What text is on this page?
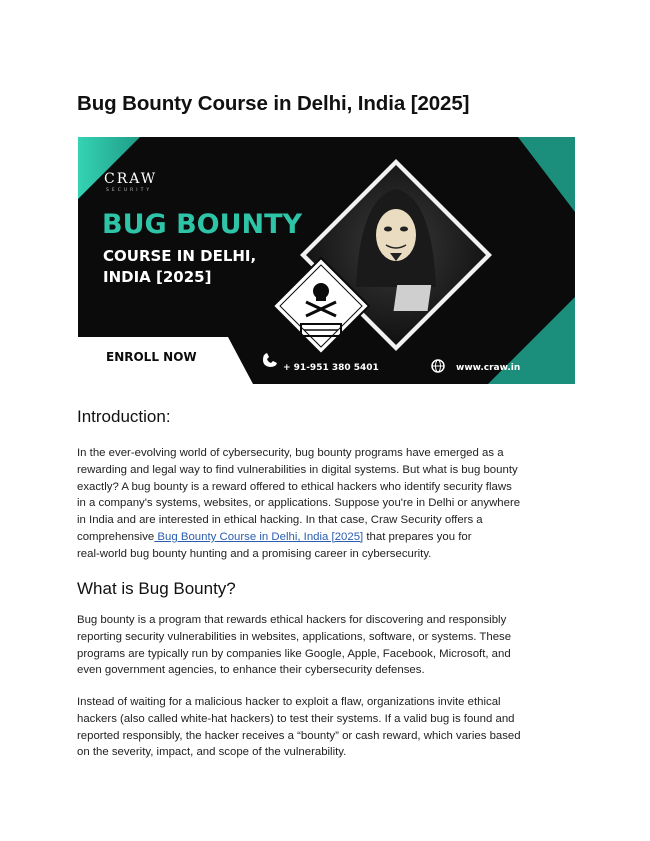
Bug Bounty Course in Delhi, India [2025]
CRAW
SECURITY
BUG BOUNTY
COURSE IN DELHI,
INDIA [2025]
ENROLL NOW
+ 91-951 380 5401	www.craw.in
Introduction:

In the ever-evolving world of cybersecurity, bug bounty programs have emerged as a
rewarding and legal way to find vulnerabilities in digital systems. But what is bug bounty
exactly? A bug bounty is a reward offered to ethical hackers who identify security flaws
in a company's systems, websites, or applications. Suppose you're in Delhi or anywhere
in India and are interested in ethical hacking. In that case, Craw Security offers a
comprehensive Bug Bounty Course in Delhi, India [2025] that prepares you for
real-world bug bounty hunting and a promising career in cybersecurity.

What is Bug Bounty?

Bug bounty is a program that rewards ethical hackers for discovering and responsibly
reporting security vulnerabilities in websites, applications, software, or systems. These
programs are typically run by companies like Google, Apple, Facebook, Microsoft, and
even government agencies, to enhance their cybersecurity defenses.

Instead of waiting for a malicious hacker to exploit a flaw, organizations invite ethical
hackers (also called white-hat hackers) to test their systems. If a valid bug is found and
reported responsibly, the hacker receives a “bounty” or cash reward, which varies based
on the severity, impact, and scope of the vulnerability.
